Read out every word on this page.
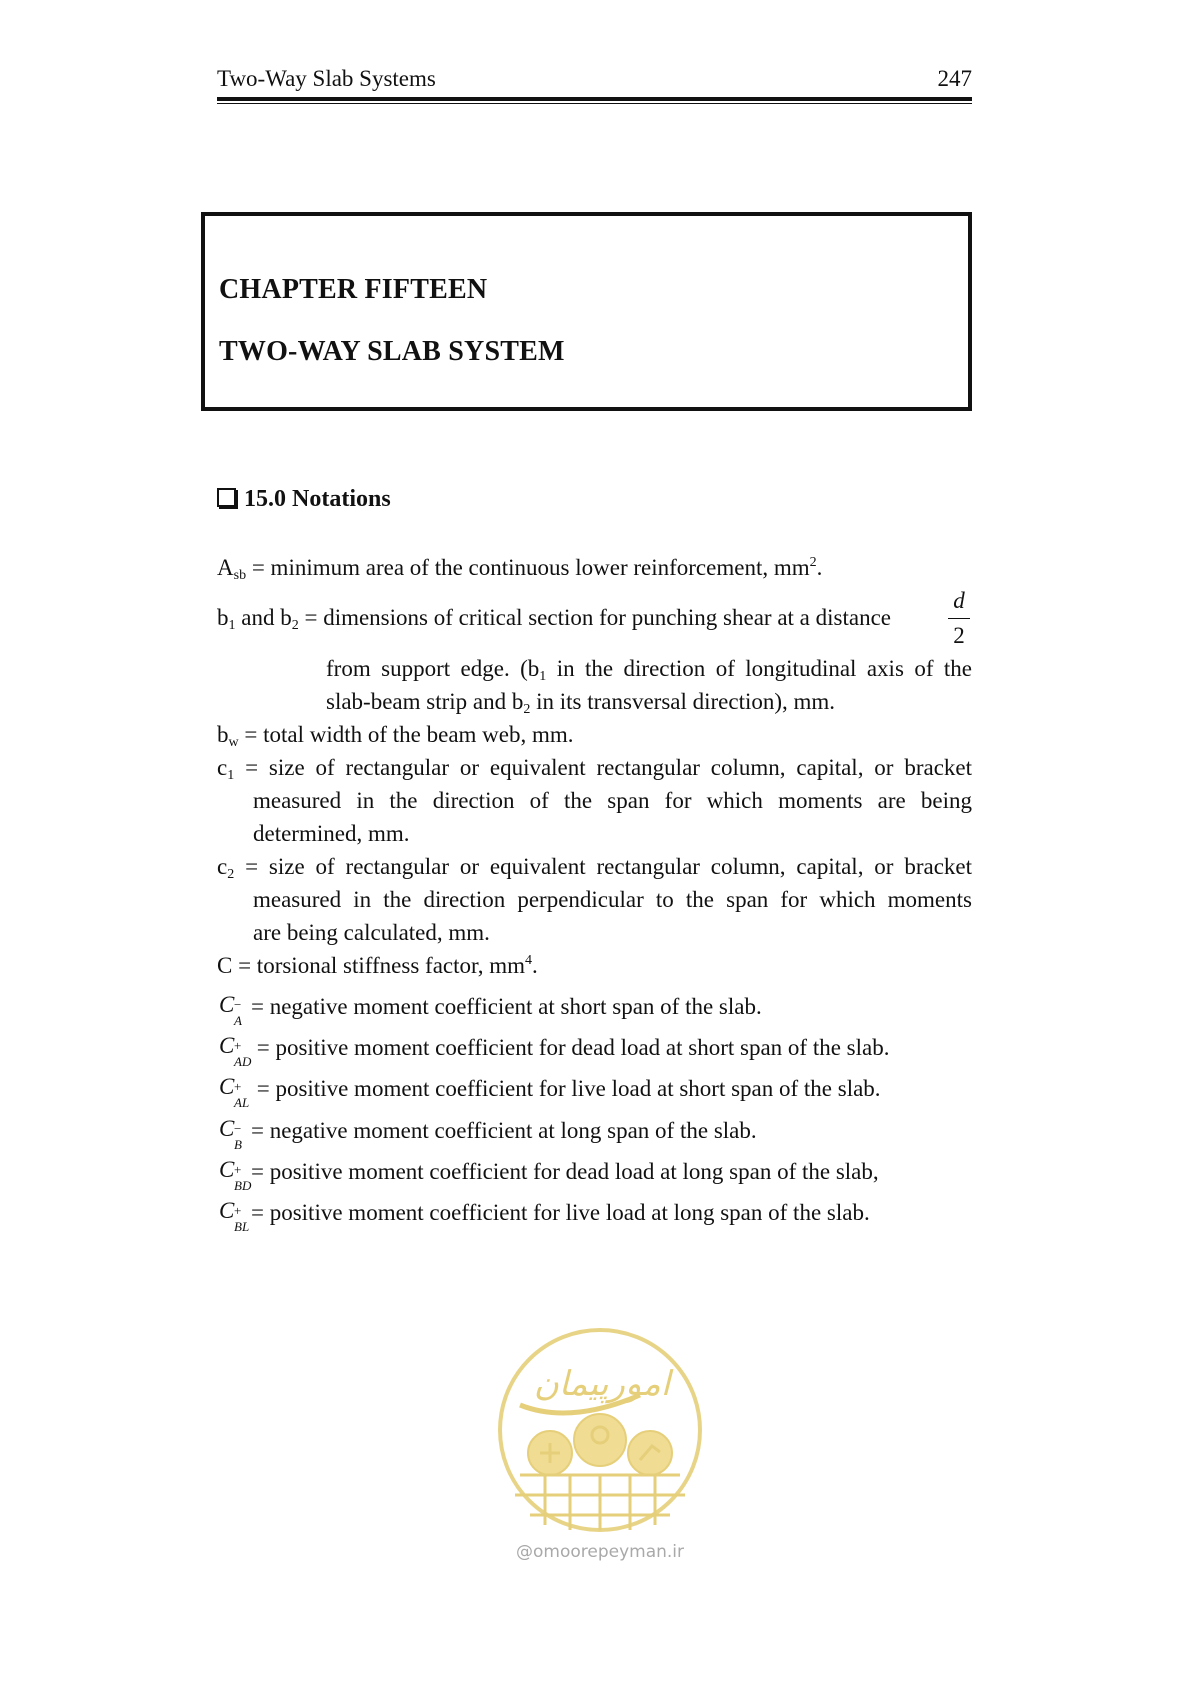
Two-Way Slab Systems	247
CHAPTER FIFTEEN
TWO-WAY SLAB SYSTEM
15.0 Notations
$A_{sb}$ = minimum area of the continuous lower reinforcement, $mm^2$.
$b_1$ and $b_2$ = dimensions of critical section for punching shear at a distance
d
2
from support edge. ($b_1$ in the direction of longitudinal axis of the
slab-beam strip and $b_2$ in its transversal direction), mm.
$b_w$ = total width of the beam web, mm.
$c_1$ = size of rectangular or equivalent rectangular column, capital, or bracket
measured in the direction of the span for which moments are being
determined, mm.
$c_2$ = size of rectangular or equivalent rectangular column, capital, or bracket
measured in the direction perpendicular to the span for which moments
are being calculated, mm.
C = torsional stiffness factor, $mm^4$.
C −
A
= negative moment coefficient at short span of the slab.
C +
AD
= positive moment coefficient for dead load at short span of the slab.
C +
AL
= positive moment coefficient for live load at short span of the slab.
C −
B
= negative moment coefficient at long span of the slab.
C +
BD
= positive moment coefficient for dead load at long span of the slab,
C +
BL
= positive moment coefficient for live load at long span of the slab.
امورپیمان
@omoorepeyman.ir
